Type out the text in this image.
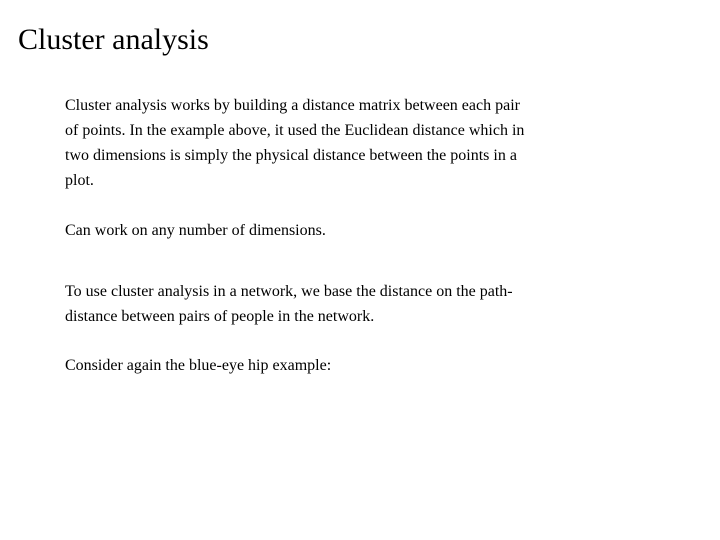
Cluster analysis

Cluster analysis works by building a distance matrix between each pair
of points. In the example above, it used the Euclidean distance which in
two dimensions is simply the physical distance between the points in a
plot.

Can work on any number of dimensions.

To use cluster analysis in a network, we base the distance on the path-
distance between pairs of people in the network.

Consider again the blue-eye hip example:
